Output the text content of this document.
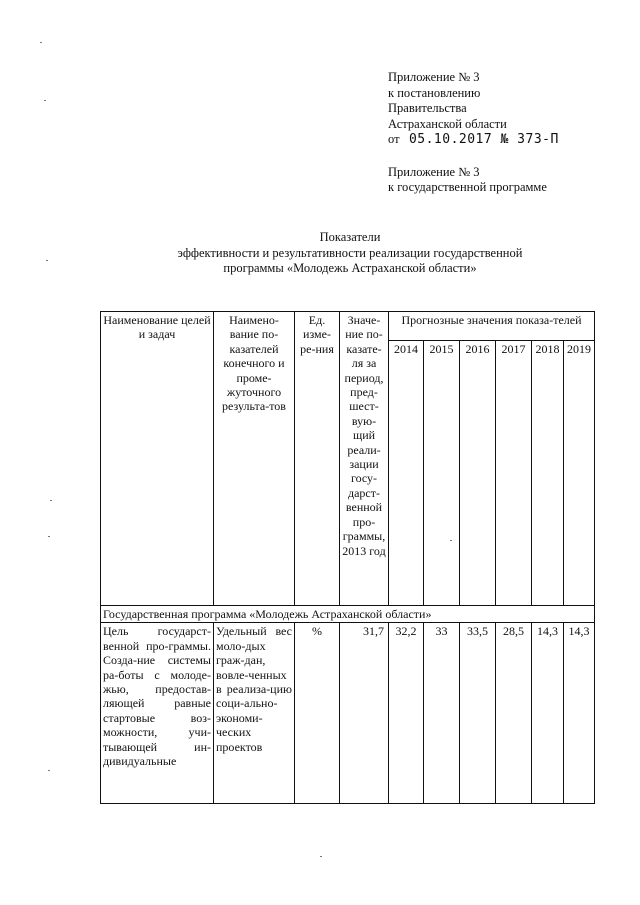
Приложение № 3
к постановлению
Правительства
Астраханской области
от 05.10.2017 № 373-П
Приложение № 3
к государственной программе
Показатели
эффективности и результативности реализации государственной
программы «Молодежь Астраханской области»
Наименование целей и задач	Наимено-вание по-казателей конечного и проме-жуточного результа-тов	Ед. изме-ре-ния	Значе-ние по-казате-ля за период, пред-шест-вую-щий реали-зации госу-дарст-венной про-граммы, 2013 год	Прогнозные значения показа-телей					
				2014	2015	2016	2017	2018	2019
Государственная программа «Молодежь Астраханской области»									
Цель государст-венной про-граммы. Созда-ние системы ра-боты с молоде-жью, предостав-ляющей равные стартовые воз-можности, учи-тывающей ин-дивидуальные	Удельный вес моло-дых граж-дан, вовле-ченных в реализа-цию соци-ально-экономи-ческих проектов	%	31,7	32,2	33	33,5	28,5	14,3	14,3
